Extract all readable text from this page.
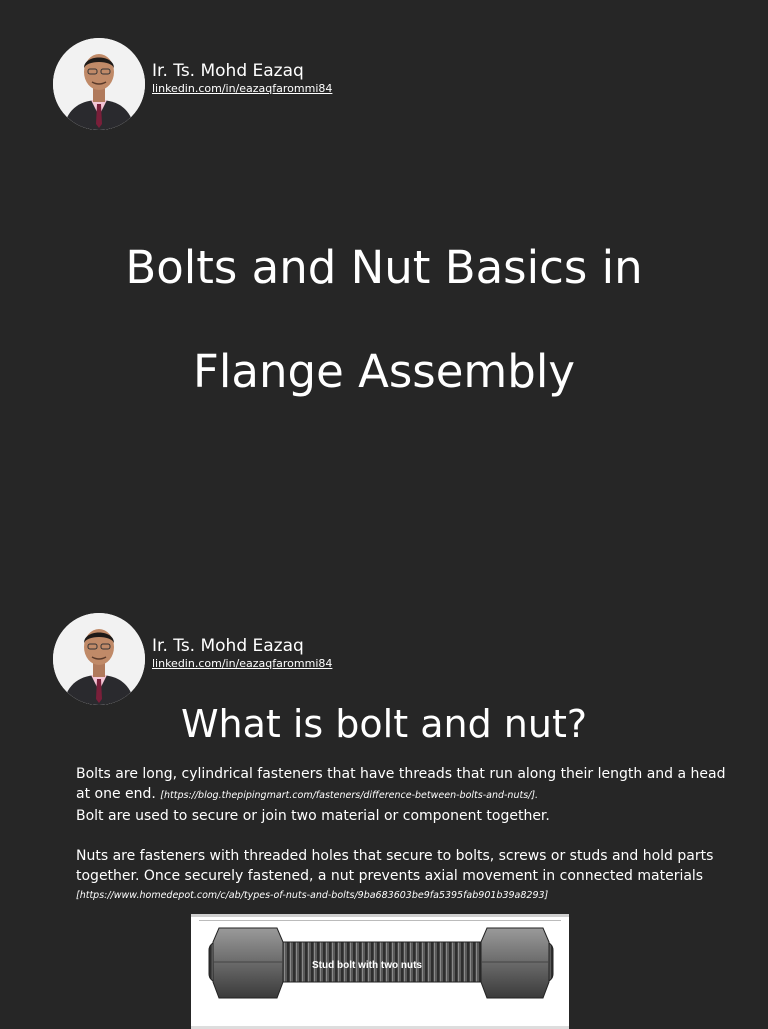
Ir. Ts. Mohd Eazaq
linkedin.com/in/eazaqfarommi84
Bolts and Nut Basics in
Flange Assembly
Ir. Ts. Mohd Eazaq
linkedin.com/in/eazaqfarommi84
What is bolt and nut?

Bolts are long, cylindrical fasteners that have threads that run along their length and a head at one end. [https://blog.thepipingmart.com/fasteners/difference-between-bolts-and-nuts/].

Bolt are used to secure or join two material or component together.

Nuts are fasteners with threaded holes that secure to bolts, screws or studs and hold parts together. Once securely fastened, a nut prevents axial movement in connected materials

[https://www.homedepot.com/c/ab/types-of-nuts-and-bolts/9ba683603be9fa5395fab901b39a8293]

Stud bolt with two nuts
